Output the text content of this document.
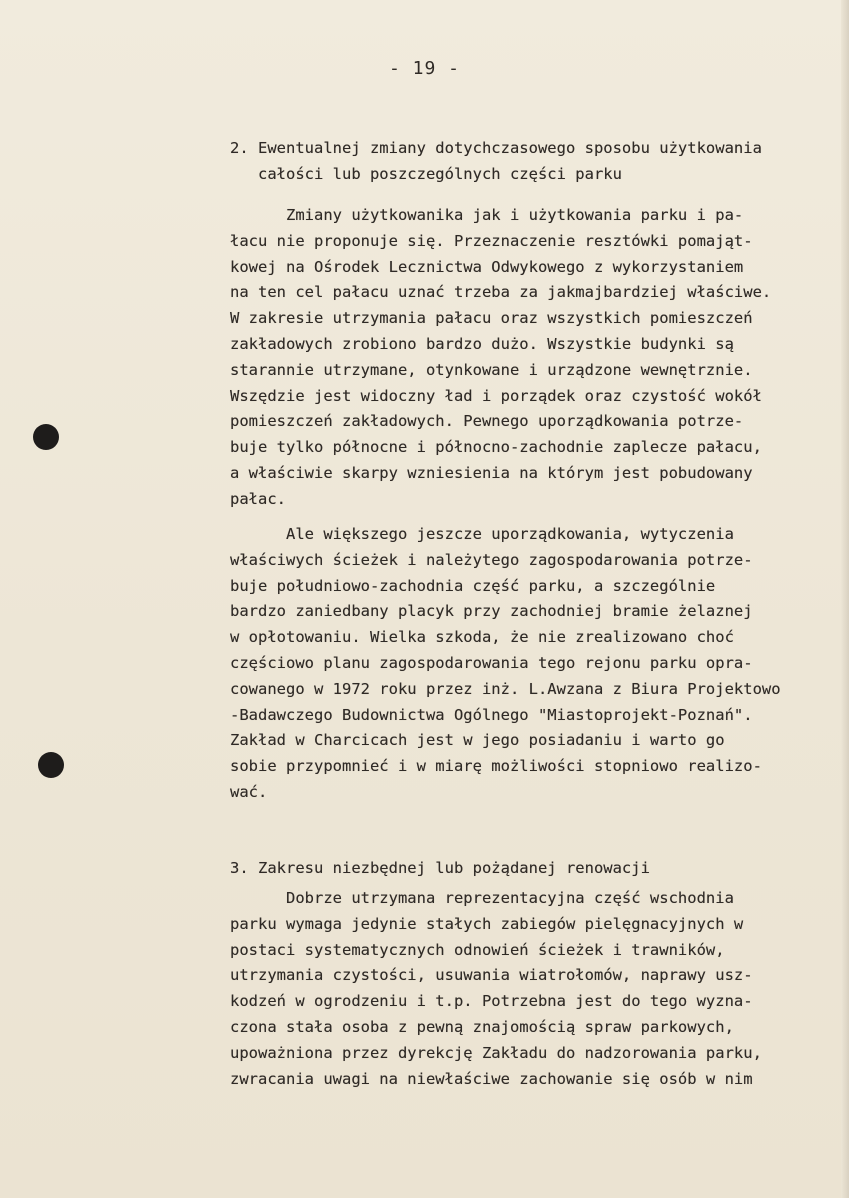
- 19 -
2. Ewentualnej zmiany dotychczasowego sposobu użytkowania
całości lub poszczególnych części parku
Zmiany użytkowanika jak i użytkowania parku i pa-
łacu nie proponuje się. Przeznaczenie resztówki pomająt-
kowej na Ośrodek Lecznictwa Odwykowego z wykorzystaniem
na ten cel pałacu uznać trzeba za jakmajbardziej właściwe.
W zakresie utrzymania pałacu oraz wszystkich pomieszczeń
zakładowych zrobiono bardzo dużo. Wszystkie budynki są
starannie utrzymane, otynkowane i urządzone wewnętrznie.
Wszędzie jest widoczny ład i porządek oraz czystość wokół
pomieszczeń zakładowych. Pewnego uporządkowania potrze-
buje tylko północne i północno-zachodnie zaplecze pałacu,
a właściwie skarpy wzniesienia na którym jest pobudowany
pałac.
Ale większego jeszcze uporządkowania, wytyczenia
właściwych ścieżek i należytego zagospodarowania potrze-
buje południowo-zachodnia część parku, a szczególnie
bardzo zaniedbany placyk przy zachodniej bramie żelaznej
w opłotowaniu. Wielka szkoda, że nie zrealizowano choć
częściowo planu zagospodarowania tego rejonu parku opra-
cowanego w 1972 roku przez inż. L.Awzana z Biura Projektowo
-Badawczego Budownictwa Ogólnego "Miastoprojekt-Poznań".
Zakład w Charcicach jest w jego posiadaniu i warto go
sobie przypomnieć i w miarę możliwości stopniowo realizo-
wać.
3. Zakresu niezbędnej lub pożądanej renowacji
Dobrze utrzymana reprezentacyjna część wschodnia
parku wymaga jedynie stałych zabiegów pielęgnacyjnych w
postaci systematycznych odnowień ścieżek i trawników,
utrzymania czystości, usuwania wiatrołomów, naprawy usz-
kodzeń w ogrodzeniu i t.p. Potrzebna jest do tego wyzna-
czona stała osoba z pewną znajomością spraw parkowych,
upoważniona przez dyrekcję Zakładu do nadzorowania parku,
zwracania uwagi na niewłaściwe zachowanie się osób w nim
